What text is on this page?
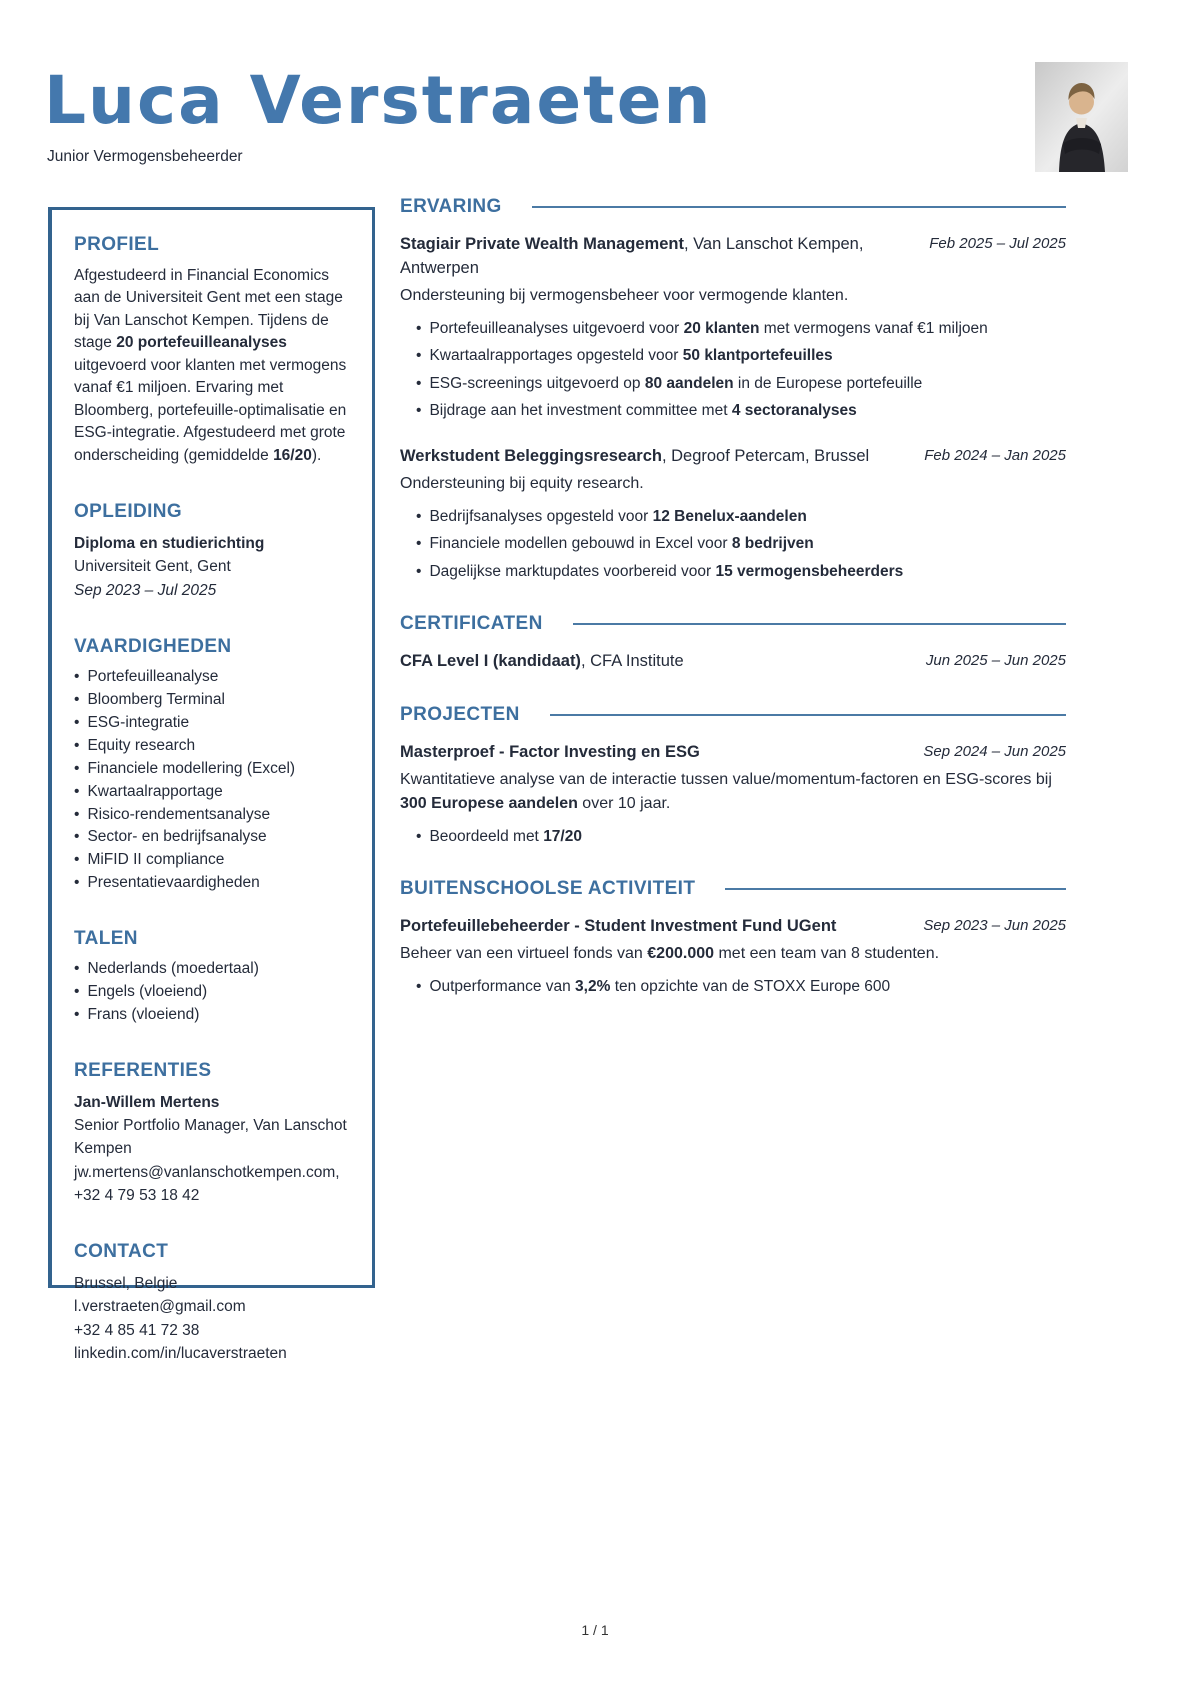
Luca Verstraeten
Junior Vermogensbeheerder
PROFIEL
Afgestudeerd in Financial Economics aan de Universiteit Gent met een stage bij Van Lanschot Kempen. Tijdens de stage 20 portefeuilleanalyses uitgevoerd voor klanten met vermogens vanaf €1 miljoen. Ervaring met Bloomberg, portefeuille-optimalisatie en ESG-integratie. Afgestudeerd met grote onderscheiding (gemiddelde 16/20).
OPLEIDING
Diploma en studierichting
Universiteit Gent, Gent
Sep 2023 – Jul 2025
VAARDIGHEDEN
• Portefeuilleanalyse
• Bloomberg Terminal
• ESG-integratie
• Equity research
• Financiele modellering (Excel)
• Kwartaalrapportage
• Risico-rendementsanalyse
• Sector- en bedrijfsanalyse
• MiFID II compliance
• Presentatievaardigheden
TALEN
• Nederlands (moedertaal)
• Engels (vloeiend)
• Frans (vloeiend)
REFERENTIES
Jan-Willem Mertens
Senior Portfolio Manager, Van Lanschot Kempen
jw.mertens@vanlanschotkempen.com, +32 4 79 53 18 42
CONTACT
Brussel, Belgie
l.verstraeten@gmail.com
+32 4 85 41 72 38
linkedin.com/in/lucaverstraeten
ERVARING
Stagiair Private Wealth Management, Van Lanschot Kempen, Antwerpen
Feb 2025 – Jul 2025
Ondersteuning bij vermogensbeheer voor vermogende klanten.
• Portefeuilleanalyses uitgevoerd voor 20 klanten met vermogens vanaf €1 miljoen
• Kwartaalrapportages opgesteld voor 50 klantportefeuilles
• ESG-screenings uitgevoerd op 80 aandelen in de Europese portefeuille
• Bijdrage aan het investment committee met 4 sectoranalyses
Werkstudent Beleggingsresearch, Degroof Petercam, Brussel	Feb 2024 – Jan 2025
Ondersteuning bij equity research.
• Bedrijfsanalyses opgesteld voor 12 Benelux-aandelen
• Financiele modellen gebouwd in Excel voor 8 bedrijven
• Dagelijkse marktupdates voorbereid voor 15 vermogensbeheerders
CERTIFICATEN
CFA Level I (kandidaat), CFA Institute	Jun 2025 – Jun 2025
PROJECTEN
Masterproef - Factor Investing en ESG	Sep 2024 – Jun 2025
Kwantitatieve analyse van de interactie tussen value/momentum-factoren en ESG-scores bij 300 Europese aandelen over 10 jaar.
• Beoordeeld met 17/20
BUITENSCHOOLSE ACTIVITEIT
Portefeuillebeheerder - Student Investment Fund UGent	Sep 2023 – Jun 2025
Beheer van een virtueel fonds van €200.000 met een team van 8 studenten.
• Outperformance van 3,2% ten opzichte van de STOXX Europe 600
1 / 1
